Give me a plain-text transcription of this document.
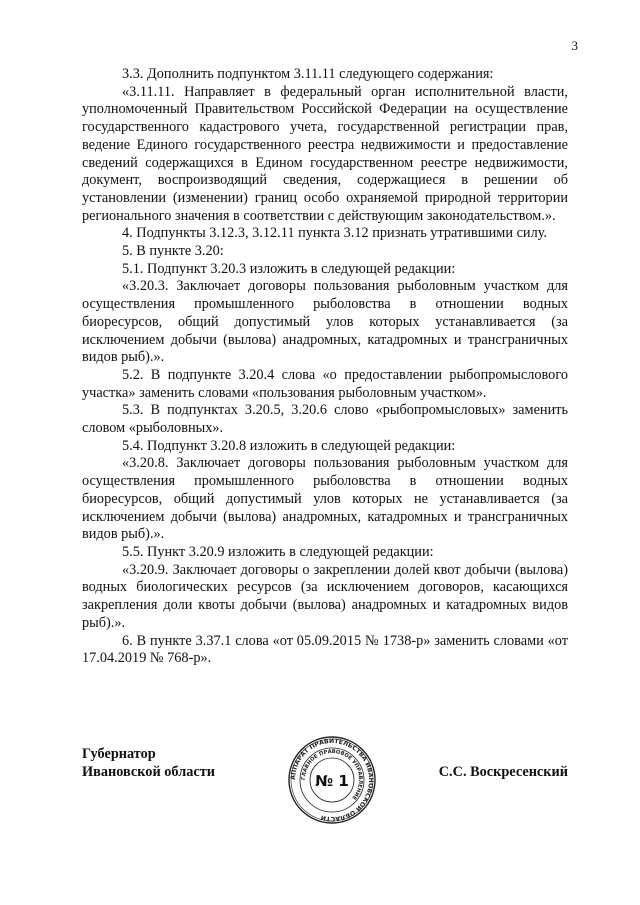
3

3.3. Дополнить подпунктом 3.11.11 следующего содержания:

«3.11.11. Направляет в федеральный орган исполнительной власти, уполномоченный Правительством Российской Федерации на осуществление государственного кадастрового учета, государственной регистрации прав, ведение Единого государственного реестра недвижимости и предоставление сведений содержащихся в Едином государственном реестре недвижимости, документ, воспроизводящий сведения, содержащиеся в решении об установлении (изменении) границ особо охраняемой природной территории регионального значения в соответствии с действующим законодательством.».

4. Подпункты 3.12.3, 3.12.11 пункта 3.12 признать утратившими силу.

5. В пункте 3.20:

5.1. Подпункт 3.20.3 изложить в следующей редакции:

«3.20.3. Заключает договоры пользования рыболовным участком для осуществления промышленного рыболовства в отношении водных биоресурсов, общий допустимый улов которых устанавливается (за исключением добычи (вылова) анадромных, катадромных и трансграничных видов рыб).».

5.2. В подпункте 3.20.4 слова «о предоставлении рыбопромыслового участка» заменить словами «пользования рыболовным участком».

5.3. В подпунктах 3.20.5, 3.20.6 слово «рыбопромысловых» заменить словом «рыболовных».

5.4. Подпункт 3.20.8 изложить в следующей редакции:

«3.20.8. Заключает договоры пользования рыболовным участком для осуществления промышленного рыболовства в отношении водных биоресурсов, общий допустимый улов которых не устанавливается (за исключением добычи (вылова) анадромных, катадромных и трансграничных видов рыб).».

5.5. Пункт 3.20.9 изложить в следующей редакции:

«3.20.9. Заключает договоры о закреплении долей квот добычи (вылова) водных биологических ресурсов (за исключением договоров, касающихся закрепления доли квоты добычи (вылова) анадромных и катадромных видов рыб).».

6. В пункте 3.37.1 слова «от 05.09.2015 № 1738-р» заменить словами «от 17.04.2019 № 768-р».

Губернатор
Ивановской области	АППАРАТ ПРАВИТЕЛЬСТВА ИВАНОВСКОЙ ОБЛАСТИ
ГЛАВНОЕ ПРАВОВОЕ УПРАВЛЕНИЕ
№ 1	С.С. Воскресенский
